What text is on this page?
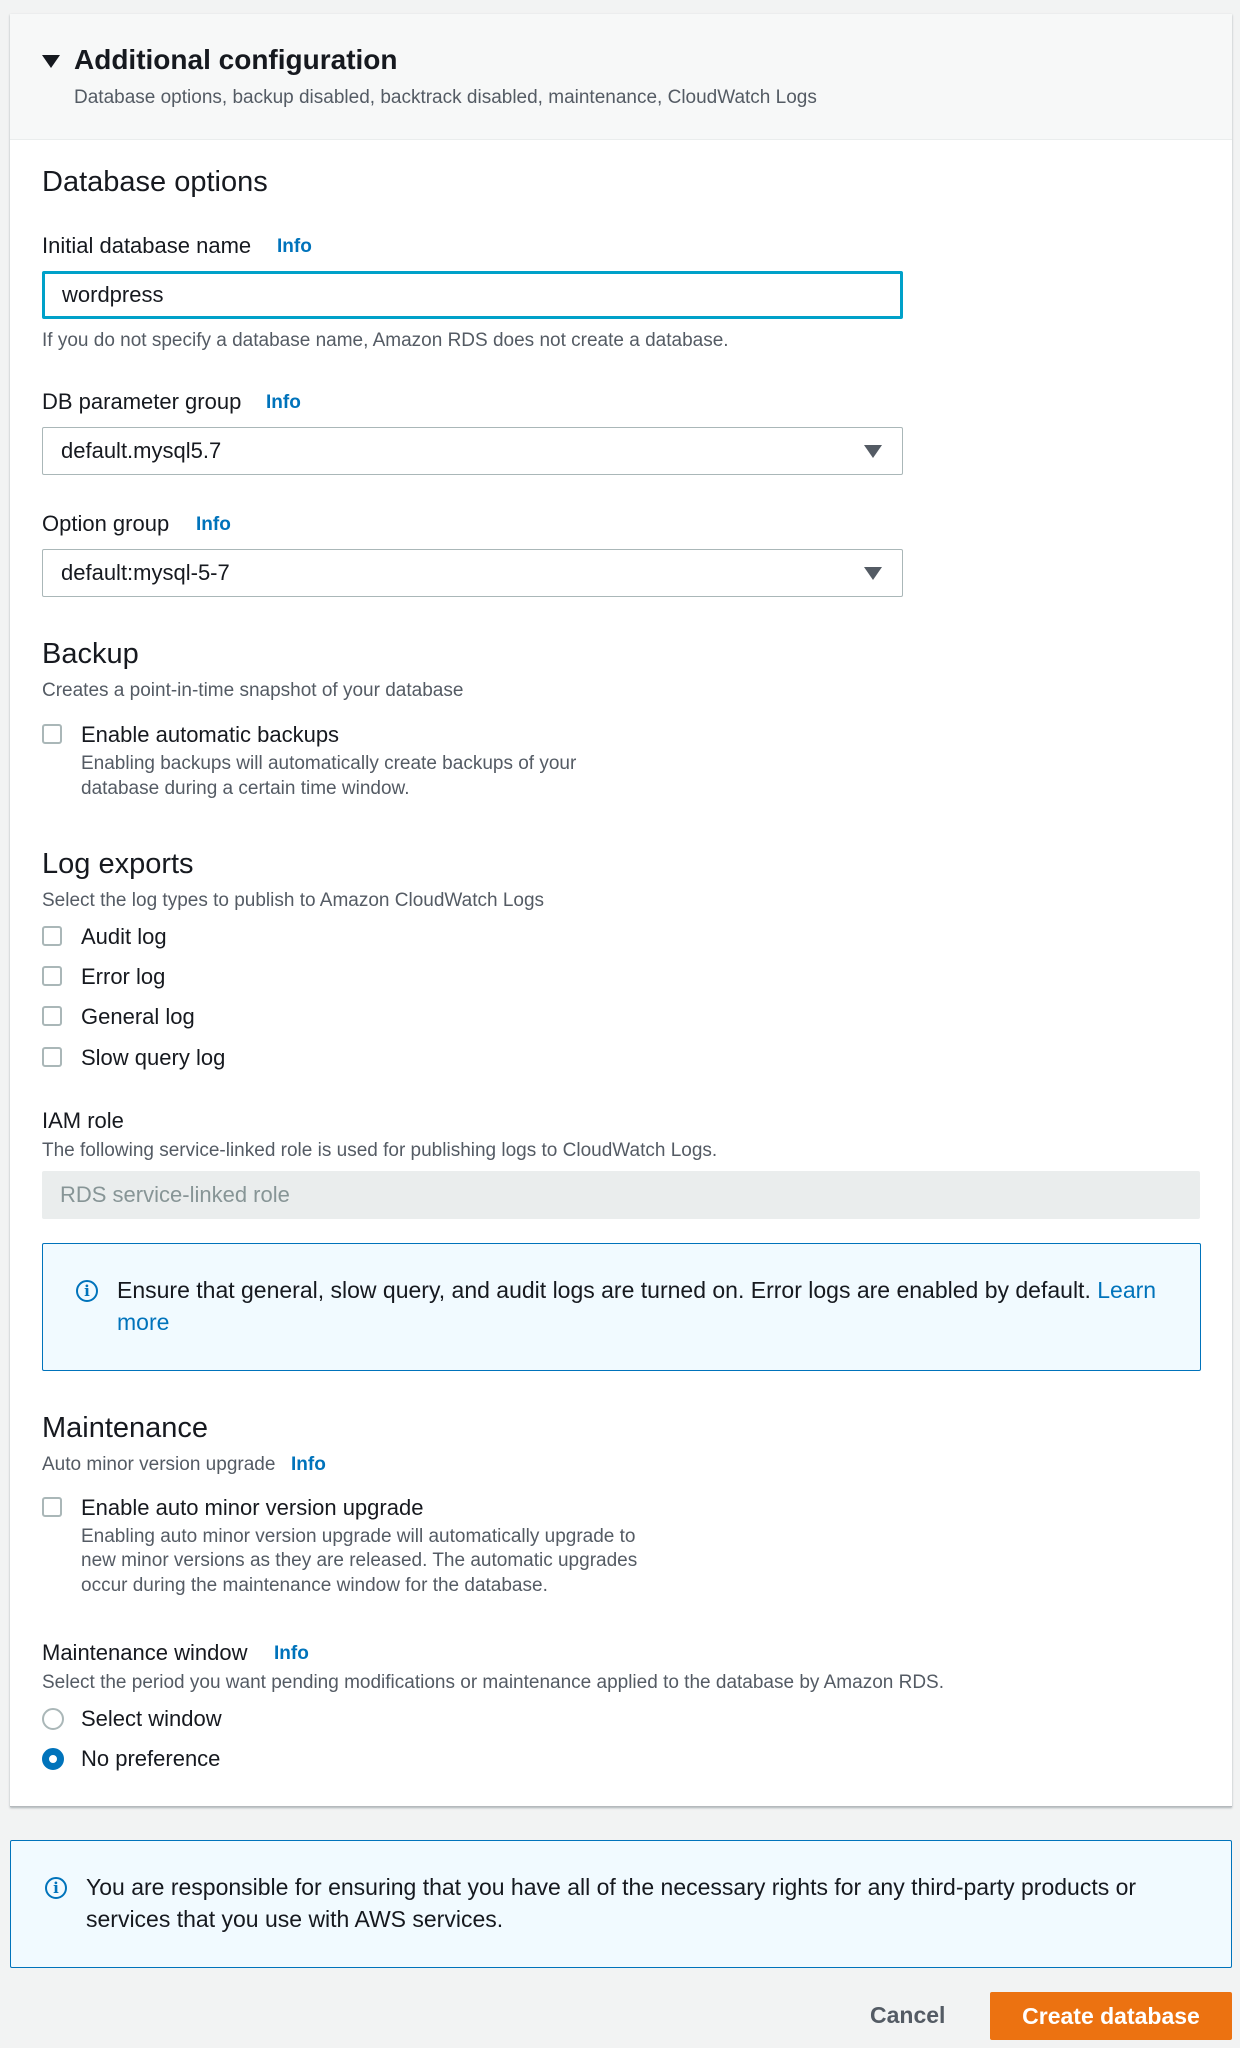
Additional configuration
Database options, backup disabled, backtrack disabled, maintenance, CloudWatch Logs
Database options
Initial database name Info
wordpress
If you do not specify a database name, Amazon RDS does not create a database.
DB parameter group Info
default.mysql5.7
Option group Info
default:mysql-5-7
Backup
Creates a point-in-time snapshot of your database
Enable automatic backups
Enabling backups will automatically create backups of your
database during a certain time window.
Log exports
Select the log types to publish to Amazon CloudWatch Logs
Audit log
Error log
General log
Slow query log
IAM role
The following service-linked role is used for publishing logs to CloudWatch Logs.
RDS service-linked role
i	Ensure that general, slow query, and audit logs are turned on. Error logs are enabled by default. Learn more
Maintenance
Auto minor version upgrade Info
Enable auto minor version upgrade
Enabling auto minor version upgrade will automatically upgrade to
new minor versions as they are released. The automatic upgrades
occur during the maintenance window for the database.
Maintenance window Info
Select the period you want pending modifications or maintenance applied to the database by Amazon RDS.
Select window
No preference
i	You are responsible for ensuring that you have all of the necessary rights for any third-party products or
services that you use with AWS services.
Cancel	Create database
